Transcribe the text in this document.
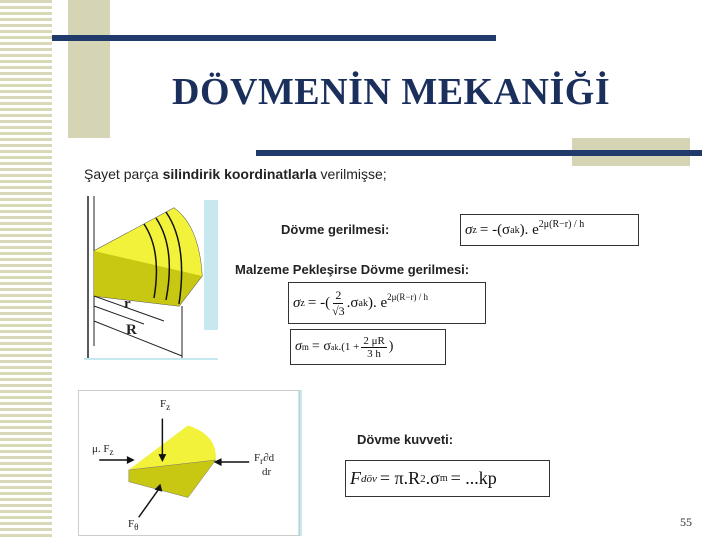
DÖVMENİN MEKANİĞİ
Şayet parça silindirik koordinatlarla verilmişse;
r
R
Dövme gerilmesi:
Malzeme Pekleşirse Dövme gerilmesi:
Dövme kuvveti:
σ z = -(σ ak ). $e^{2\mu(R-r) / h}$
σ z = -( $\frac{2}{√3} .\sigma$ ak ). $e^{2\mu(R-r) / h}$
σ m = σ ak $.(1 + \frac{2 \mu R}{3 h}$ )
F döv = π.R 2 .σ m = ...kp
$F_z$
μ. $F_z$	$F_r\partial d$
dr
$F_\theta$	55
